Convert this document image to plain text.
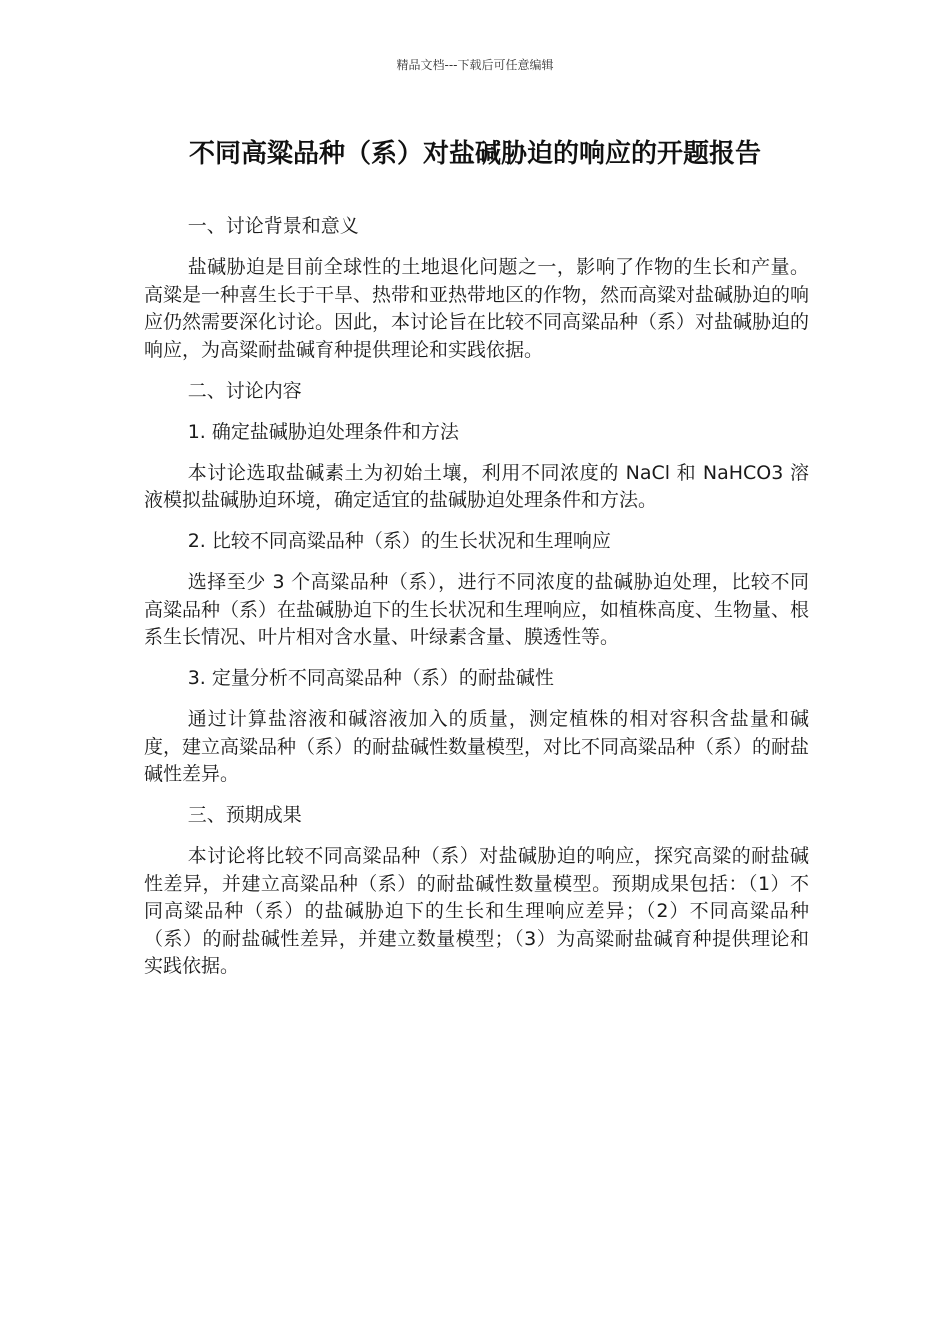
精品文档---下载后可任意编辑
不同高粱品种（系）对盐碱胁迫的响应的开题报告

一、讨论背景和意义

盐碱胁迫是目前全球性的土地退化问题之一，影响了作物的生长和产量。高粱是一种喜生长于干旱、热带和亚热带地区的作物，然而高粱对盐碱胁迫的响应仍然需要深化讨论。因此，本讨论旨在比较不同高粱品种（系）对盐碱胁迫的响应，为高粱耐盐碱育种提供理论和实践依据。

二、讨论内容

1. 确定盐碱胁迫处理条件和方法

本讨论选取盐碱素土为初始土壤，利用不同浓度的 NaCl 和 NaHCO3 溶液模拟盐碱胁迫环境，确定适宜的盐碱胁迫处理条件和方法。

2. 比较不同高粱品种（系）的生长状况和生理响应

选择至少 3 个高粱品种（系），进行不同浓度的盐碱胁迫处理，比较不同高粱品种（系）在盐碱胁迫下的生长状况和生理响应，如植株高度、生物量、根系生长情况、叶片相对含水量、叶绿素含量、膜透性等。

3. 定量分析不同高粱品种（系）的耐盐碱性

通过计算盐溶液和碱溶液加入的质量，测定植株的相对容积含盐量和碱度，建立高粱品种（系）的耐盐碱性数量模型，对比不同高粱品种（系）的耐盐碱性差异。

三、预期成果

本讨论将比较不同高粱品种（系）对盐碱胁迫的响应，探究高粱的耐盐碱性差异，并建立高粱品种（系）的耐盐碱性数量模型。预期成果包括：（1）不同高粱品种（系）的盐碱胁迫下的生长和生理响应差异；（2）不同高粱品种（系）的耐盐碱性差异，并建立数量模型；（3）为高粱耐盐碱育种提供理论和实践依据。
